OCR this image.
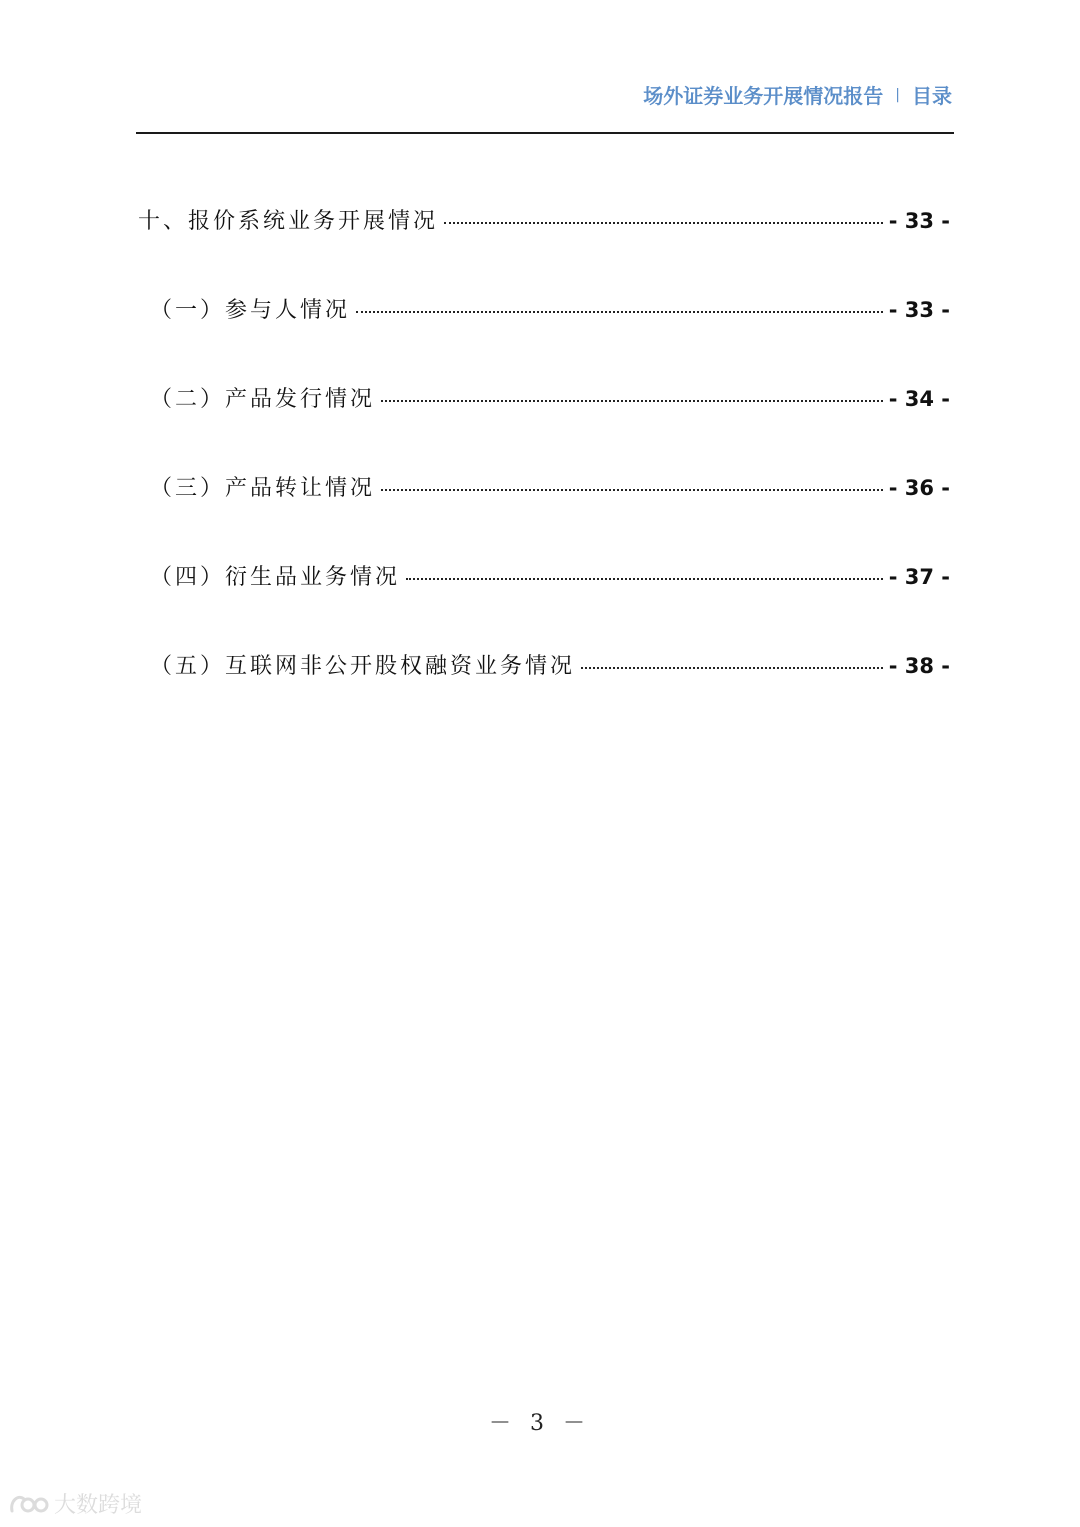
场外证券业务开展情况报告 | 目录
十、报价系统业务开展情况	- 33 -
（一）参与人情况	- 33 -
（二）产品发行情况	- 34 -
（三）产品转让情况	- 36 -
（四）衍生品业务情况	- 37 -
（五）互联网非公开股权融资业务情况	- 38 -
－ 3 －
大数跨境
